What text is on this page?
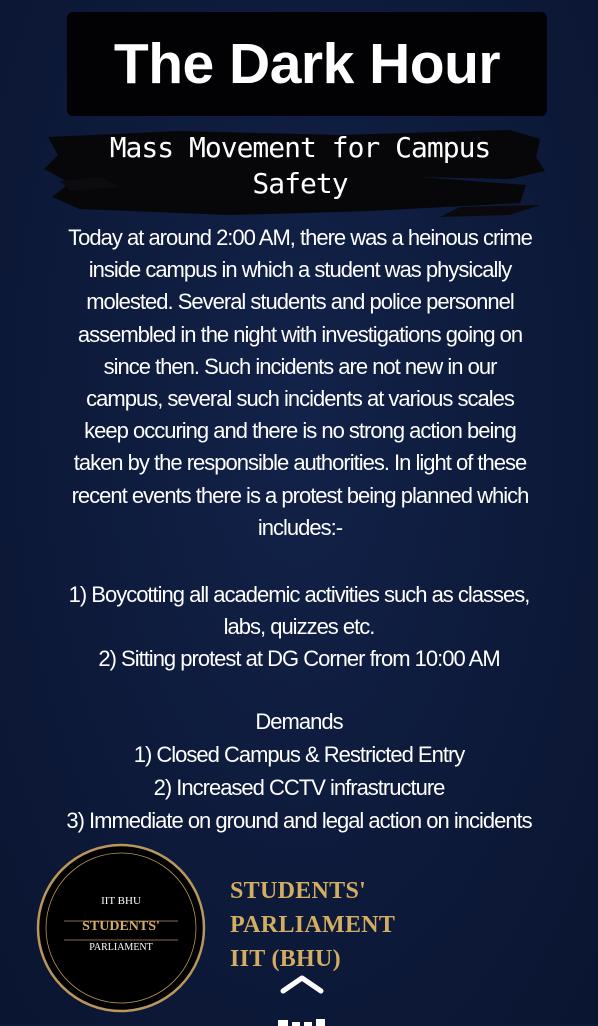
The Dark Hour
Mass Movement for Campus
Safety
Today at around 2:00 AM, there was a heinous crime
inside campus in which a student was physically
molested. Several students and police personnel
assembled in the night with investigations going on
since then. Such incidents are not new in our
campus, several such incidents at various scales
keep occuring and there is no strong action being
taken by the responsible authorities. In light of these
recent events there is a protest being planned which
includes:-
1) Boycotting all academic activities such as classes,
labs, quizzes etc.
2) Sitting protest at DG Corner from 10:00 AM
Demands
1) Closed Campus & Restricted Entry
2) Increased CCTV infrastructure
3) Immediate on ground and legal action on incidents
IIT BHU
STUDENTS'
PARLIAMENT
STUDENTS'
PARLIAMENT
IIT (BHU)
